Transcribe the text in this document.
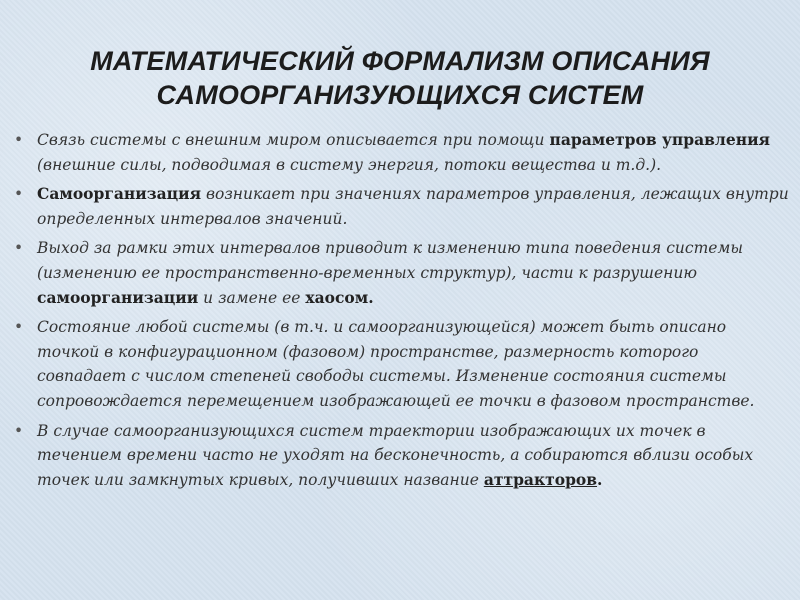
МАТЕМАТИЧЕСКИЙ ФОРМАЛИЗМ ОПИСАНИЯ
САМООРГАНИЗУЮЩИХСЯ СИСТЕМ
• Связь системы с внешним миром описывается при помощи параметров управления (внешние силы, подводимая в систему энергия, потоки вещества и т.д.).
• Самоорганизация возникает при значениях параметров управления, лежащих внутри определенных интервалов значений.
• Выход за рамки этих интервалов приводит к изменению типа поведения системы (изменению ее пространственно-временных структур), части к разрушению самоорганизации и замене ее хаосом.
• Состояние любой системы (в т.ч. и самоорганизующейся) может быть описано точкой в конфигурационном (фазовом) пространстве, размерность которого совпадает с числом степеней свободы системы. Изменение состояния системы сопровождается перемещением изображающей ее точки в фазовом пространстве.
• В случае самоорганизующихся систем траектории изображающих их точек в течением времени часто не уходят на бесконечность, а собираются вблизи особых точек или замкнутых кривых, получивших название аттракторов.
